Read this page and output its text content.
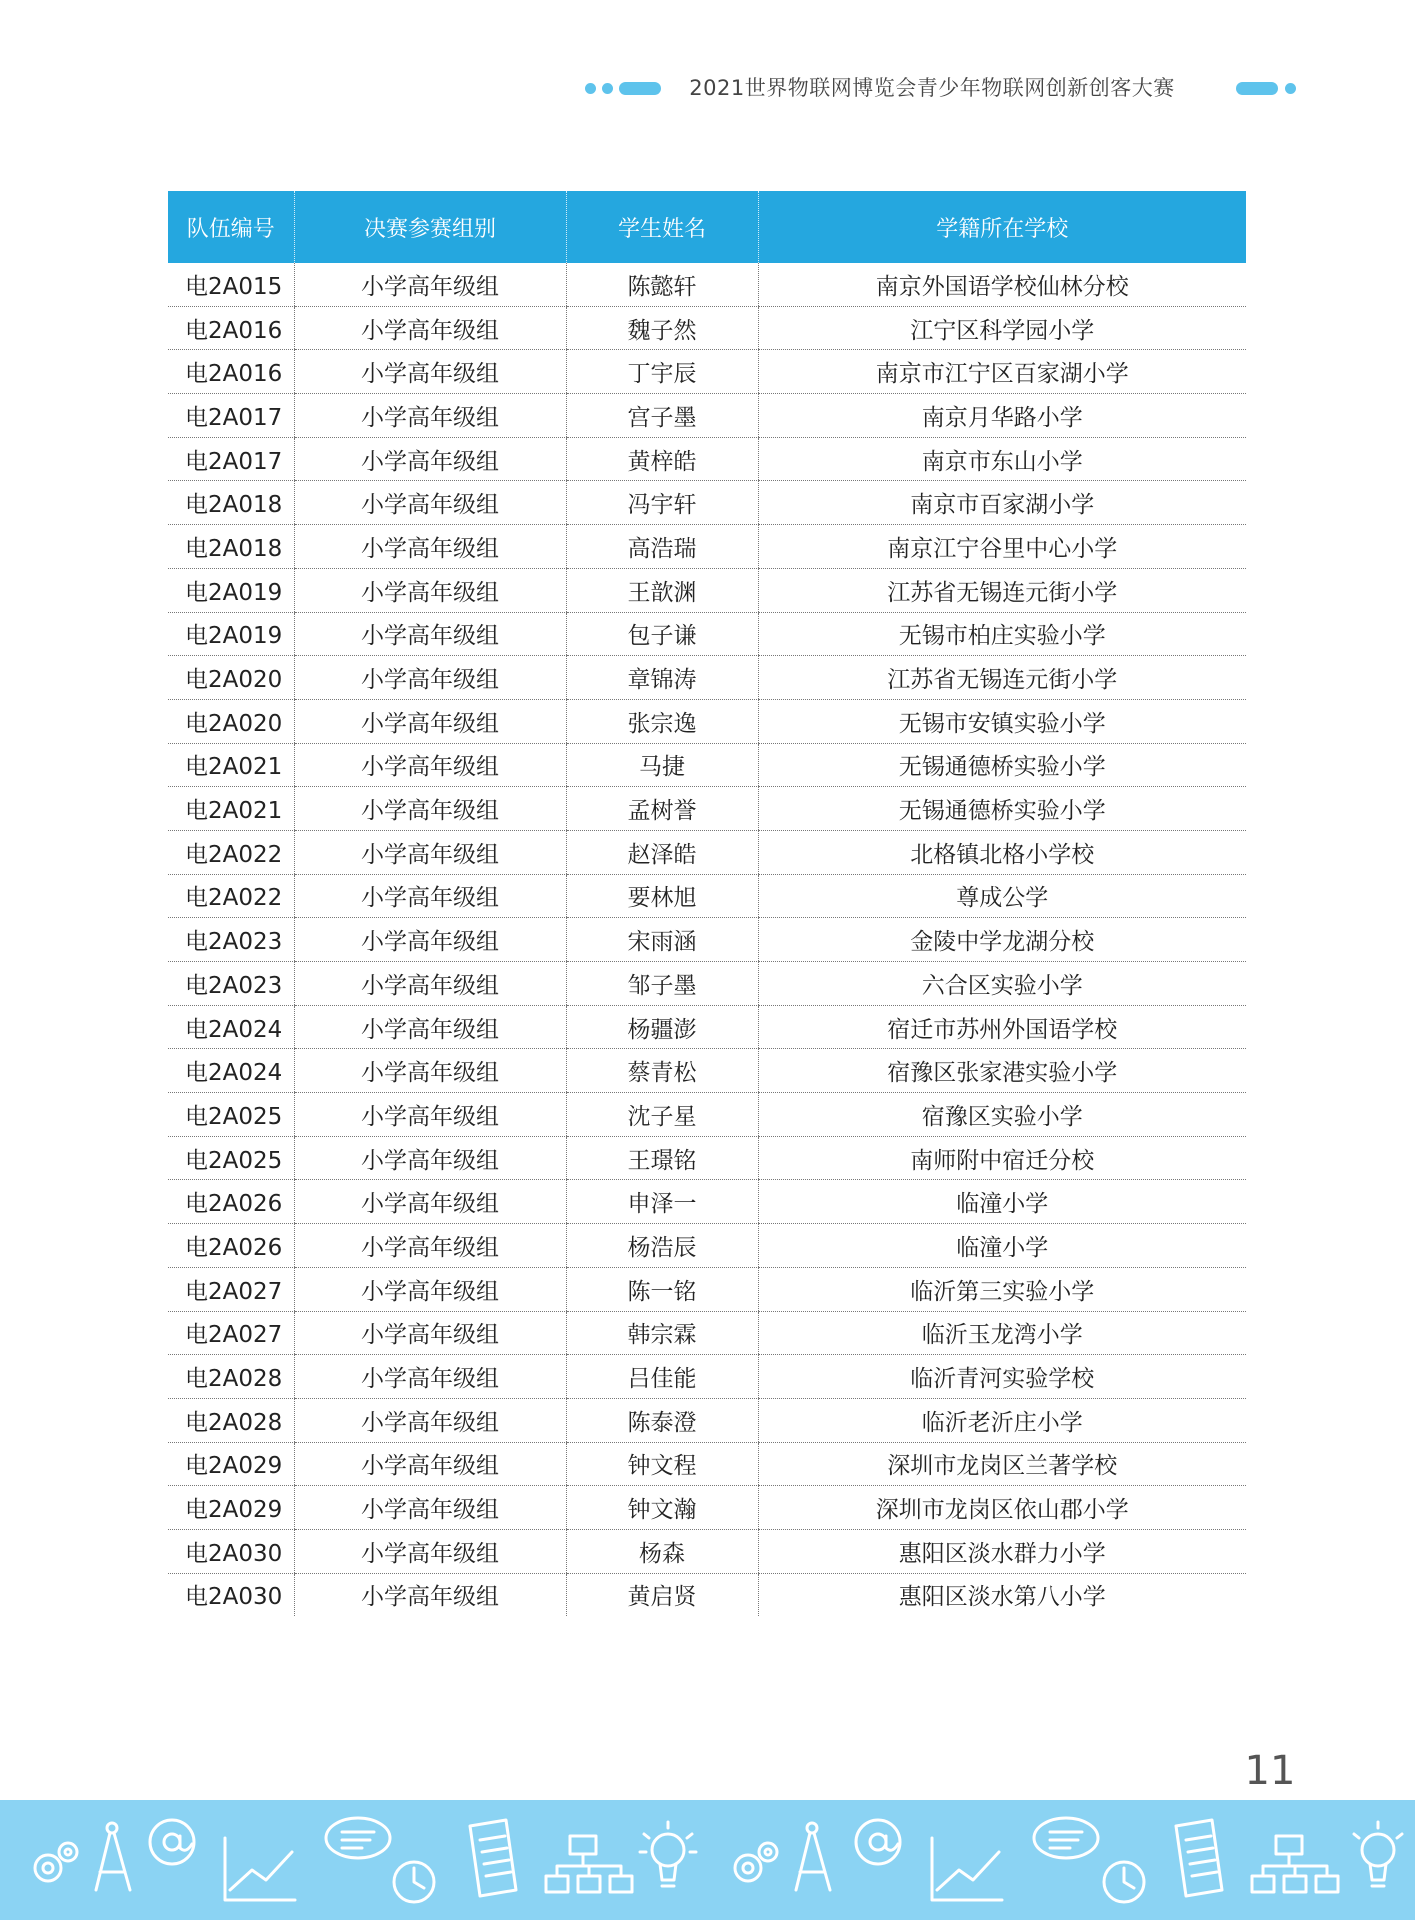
2021世界物联网博览会青少年物联网创新创客大赛
队伍编号	决赛参赛组别	学生姓名	学籍所在学校
电2A015	小学高年级组	陈懿轩	南京外国语学校仙林分校
电2A016	小学高年级组	魏子然	江宁区科学园小学
电2A016	小学高年级组	丁宇辰	南京市江宁区百家湖小学
电2A017	小学高年级组	宫子墨	南京月华路小学
电2A017	小学高年级组	黄梓皓	南京市东山小学
电2A018	小学高年级组	冯宇轩	南京市百家湖小学
电2A018	小学高年级组	高浩瑞	南京江宁谷里中心小学
电2A019	小学高年级组	王歆渊	江苏省无锡连元街小学
电2A019	小学高年级组	包子谦	无锡市柏庄实验小学
电2A020	小学高年级组	章锦涛	江苏省无锡连元街小学
电2A020	小学高年级组	张宗逸	无锡市安镇实验小学
电2A021	小学高年级组	马捷	无锡通德桥实验小学
电2A021	小学高年级组	孟树誉	无锡通德桥实验小学
电2A022	小学高年级组	赵泽皓	北格镇北格小学校
电2A022	小学高年级组	要林旭	尊成公学
电2A023	小学高年级组	宋雨涵	金陵中学龙湖分校
电2A023	小学高年级组	邹子墨	六合区实验小学
电2A024	小学高年级组	杨疆澎	宿迁市苏州外国语学校
电2A024	小学高年级组	蔡青松	宿豫区张家港实验小学
电2A025	小学高年级组	沈子星	宿豫区实验小学
电2A025	小学高年级组	王璟铭	南师附中宿迁分校
电2A026	小学高年级组	申泽一	临潼小学
电2A026	小学高年级组	杨浩辰	临潼小学
电2A027	小学高年级组	陈一铭	临沂第三实验小学
电2A027	小学高年级组	韩宗霖	临沂玉龙湾小学
电2A028	小学高年级组	吕佳能	临沂青河实验学校
电2A028	小学高年级组	陈泰澄	临沂老沂庄小学
电2A029	小学高年级组	钟文程	深圳市龙岗区兰著学校
电2A029	小学高年级组	钟文瀚	深圳市龙岗区依山郡小学
电2A030	小学高年级组	杨森	惠阳区淡水群力小学
电2A030	小学高年级组	黄启贤	惠阳区淡水第八小学
11
